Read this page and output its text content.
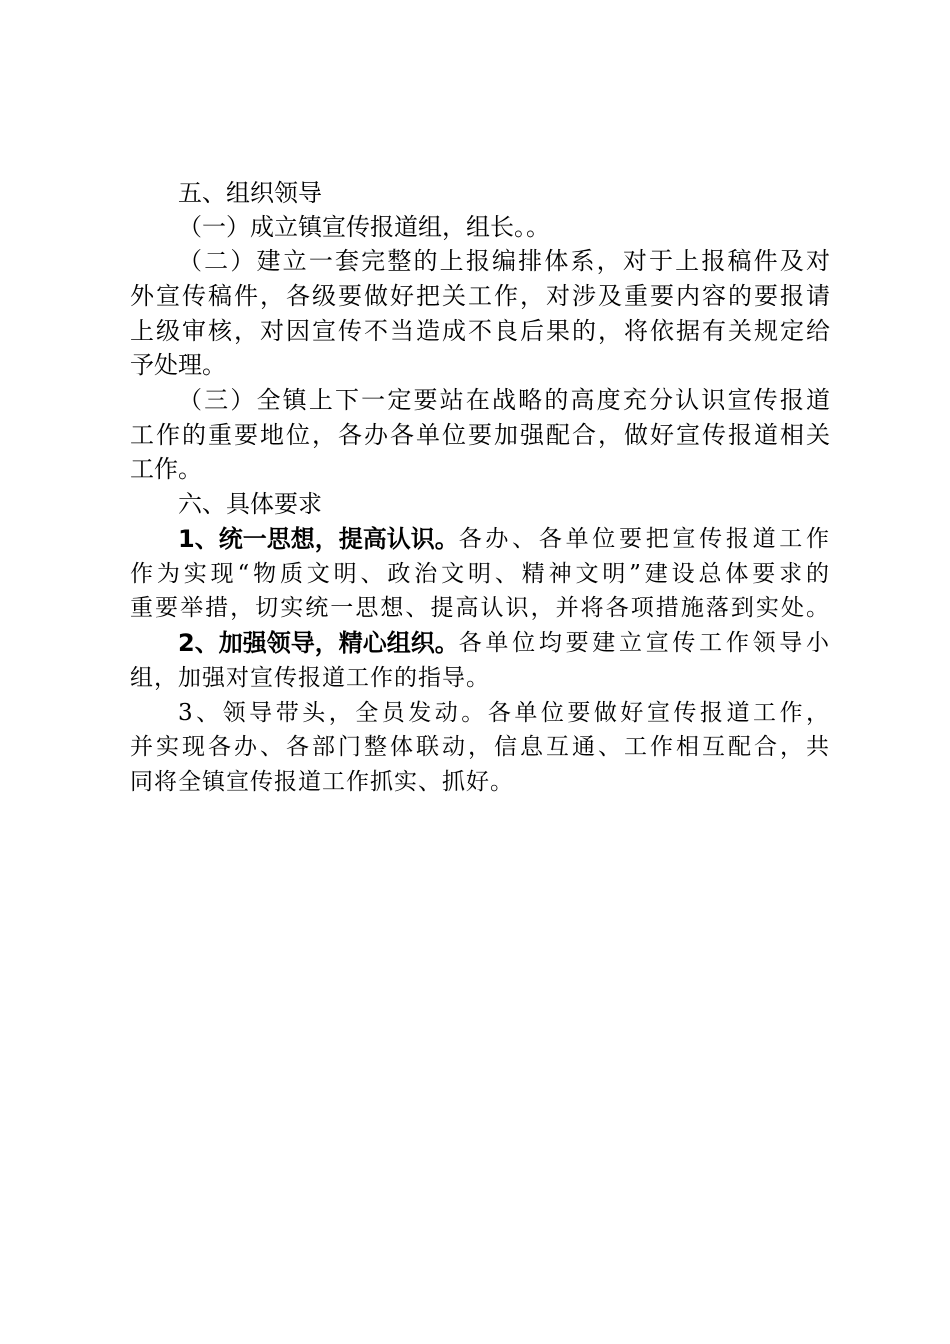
五、组织领导
（一）成立镇宣传报道组，组长。。
（二）建立一套完整的上报编排体系，对于上报稿件及对
外宣传稿件，各级要做好把关工作，对涉及重要内容的要报请
上级审核，对因宣传不当造成不良后果的，将依据有关规定给
予处理。
（三）全镇上下一定要站在战略的高度充分认识宣传报道
工作的重要地位，各办各单位要加强配合，做好宣传报道相关
工作。
六、具体要求
1、统一思想，提高认识。 各办、各单位要把宣传报道工作
作为实现“物质文明、政治文明、精神文明”建设总体要求的
重要举措，切实统一思想、提高认识，并将各项措施落到实处。
2、加强领导，精心组织。 各单位均要建立宣传工作领导小
组，加强对宣传报道工作的指导。
3、领导带头，全员发动。各单位要做好宣传报道工作，
并实现各办、各部门整体联动，信息互通、工作相互配合，共
同将全镇宣传报道工作抓实、抓好。
